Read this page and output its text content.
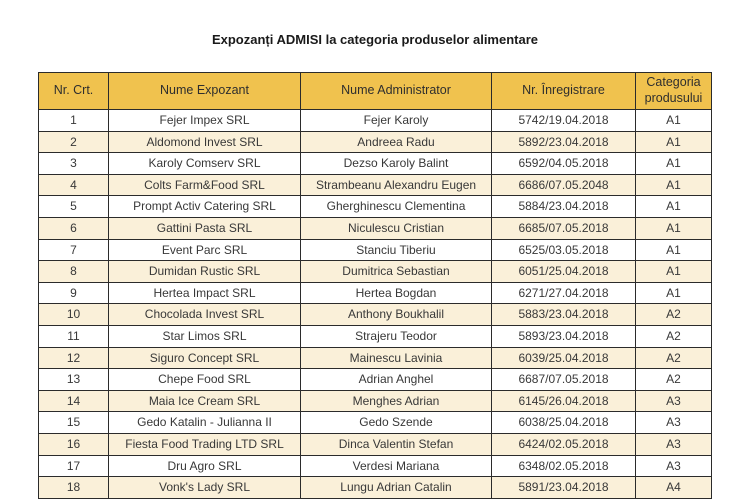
Expozanți ADMISI la categoria produselor alimentare
Nr. Crt.	Nume Expozant	Nume Administrator	Nr. Înregistrare	Categoria produsului
1	Fejer Impex SRL	Fejer Karoly	5742/19.04.2018	A1
2	Aldomond Invest SRL	Andreea Radu	5892/23.04.2018	A1
3	Karoly Comserv SRL	Dezso Karoly Balint	6592/04.05.2018	A1
4	Colts Farm&Food SRL	Strambeanu Alexandru Eugen	6686/07.05.2048	A1
5	Prompt Activ Catering SRL	Gherghinescu Clementina	5884/23.04.2018	A1
6	Gattini Pasta SRL	Niculescu Cristian	6685/07.05.2018	A1
7	Event Parc SRL	Stanciu Tiberiu	6525/03.05.2018	A1
8	Dumidan Rustic SRL	Dumitrica Sebastian	6051/25.04.2018	A1
9	Hertea Impact SRL	Hertea Bogdan	6271/27.04.2018	A1
10	Chocolada Invest SRL	Anthony Boukhalil	5883/23.04.2018	A2
11	Star Limos SRL	Strajeru Teodor	5893/23.04.2018	A2
12	Siguro Concept SRL	Mainescu Lavinia	6039/25.04.2018	A2
13	Chepe Food SRL	Adrian Anghel	6687/07.05.2018	A2
14	Maia Ice Cream SRL	Menghes Adrian	6145/26.04.2018	A3
15	Gedo Katalin - Julianna II	Gedo Szende	6038/25.04.2018	A3
16	Fiesta Food Trading LTD SRL	Dinca Valentin Stefan	6424/02.05.2018	A3
17	Dru Agro SRL	Verdesi Mariana	6348/02.05.2018	A3
18	Vonk's Lady SRL	Lungu Adrian Catalin	5891/23.04.2018	A4
